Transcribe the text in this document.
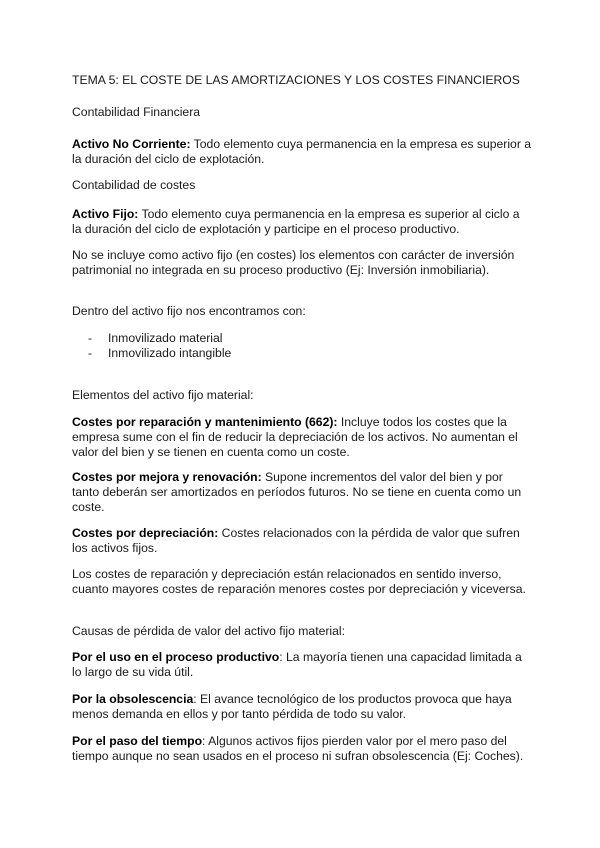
TEMA 5: EL COSTE DE LAS AMORTIZACIONES Y LOS COSTES FINANCIEROS

Contabilidad Financiera

Activo No Corriente: Todo elemento cuya permanencia en la empresa es superior a la duración del ciclo de explotación.

Contabilidad de costes

Activo Fijo: Todo elemento cuya permanencia en la empresa es superior al ciclo a la duración del ciclo de explotación y participe en el proceso productivo.

No se incluye como activo fijo (en costes) los elementos con carácter de inversión patrimonial no integrada en su proceso productivo (Ej: Inversión inmobiliaria).

Dentro del activo fijo nos encontramos con:

- Inmovilizado material

- Inmovilizado intangible

Elementos del activo fijo material:

Costes por reparación y mantenimiento (662): Incluye todos los costes que la empresa sume con el fin de reducir la depreciación de los activos. No aumentan el valor del bien y se tienen en cuenta como un coste.

Costes por mejora y renovación: Supone incrementos del valor del bien y por tanto deberán ser amortizados en períodos futuros. No se tiene en cuenta como un coste.

Costes por depreciación: Costes relacionados con la pérdida de valor que sufren los activos fijos.

Los costes de reparación y depreciación están relacionados en sentido inverso, cuanto mayores costes de reparación menores costes por depreciación y viceversa.

Causas de pérdida de valor del activo fijo material:

Por el uso en el proceso productivo: La mayoría tienen una capacidad limitada a lo largo de su vida útil.

Por la obsolescencia: El avance tecnológico de los productos provoca que haya menos demanda en ellos y por tanto pérdida de todo su valor.

Por el paso del tiempo: Algunos activos fijos pierden valor por el mero paso del tiempo aunque no sean usados en el proceso ni sufran obsolescencia (Ej: Coches).
